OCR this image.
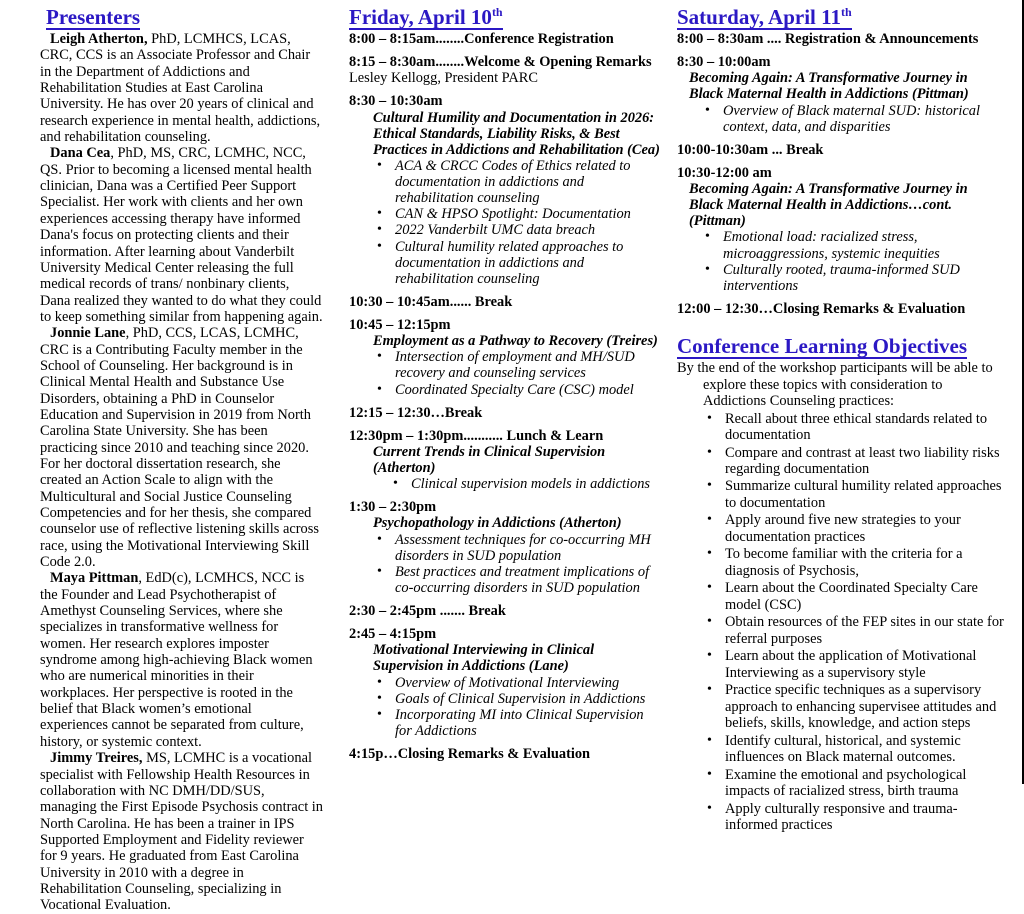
Presenters

Leigh Atherton, PhD, LCMHCS, LCAS, CRC, CCS is an Associate Professor and Chair in the Department of Addictions and Rehabilitation Studies at East Carolina University. He has over 20 years of clinical and research experience in mental health, addictions, and rehabilitation counseling.

Dana Cea, PhD, MS, CRC, LCMHC, NCC, QS. Prior to becoming a licensed mental health clinician, Dana was a Certified Peer Support Specialist. Her work with clients and her own experiences accessing therapy have informed Dana's focus on protecting clients and their information. After learning about Vanderbilt University Medical Center releasing the full medical records of trans/ nonbinary clients, Dana realized they wanted to do what they could to keep something similar from happening again.

Jonnie Lane, PhD, CCS, LCAS, LCMHC, CRC is a Contributing Faculty member in the School of Counseling. Her background is in Clinical Mental Health and Substance Use Disorders, obtaining a PhD in Counselor Education and Supervision in 2019 from North Carolina State University. She has been practicing since 2010 and teaching since 2020. For her doctoral dissertation research, she created an Action Scale to align with the Multicultural and Social Justice Counseling Competencies and for her thesis, she compared counselor use of reflective listening skills across race, using the Motivational Interviewing Skill Code 2.0.

Maya Pittman, EdD(c), LCMHCS, NCC is the Founder and Lead Psychotherapist of Amethyst Counseling Services, where she specializes in transformative wellness for women. Her research explores imposter syndrome among high-achieving Black women who are numerical minorities in their workplaces. Her perspective is rooted in the belief that Black women’s emotional experiences cannot be separated from culture, history, or systemic context.

Jimmy Treires, MS, LCMHC is a vocational specialist with Fellowship Health Resources in collaboration with NC DMH/DD/SUS, managing the First Episode Psychosis contract in North Carolina. He has been a trainer in IPS Supported Employment and Fidelity reviewer for 9 years. He graduated from East Carolina University in 2010 with a degree in Rehabilitation Counseling, specializing in Vocational Evaluation.

Friday, April 10th

8:00 – 8:15am........Conference Registration

8:15 – 8:30am........Welcome & Opening Remarks

Lesley Kellogg, President PARC

8:30 – 10:30am

Cultural Humility and Documentation in 2026: Ethical Standards, Liability Risks, & Best Practices in Addictions and Rehabilitation (Cea)

• ACA & CRCC Codes of Ethics related to documentation in addictions and rehabilitation counseling
• CAN & HPSO Spotlight: Documentation
• 2022 Vanderbilt UMC data breach
• Cultural humility related approaches to documentation in addictions and rehabilitation counseling

10:30 – 10:45am...... Break

10:45 – 12:15pm

Employment as a Pathway to Recovery (Treires)

• Intersection of employment and MH/SUD recovery and counseling services
• Coordinated Specialty Care (CSC) model

12:15 – 12:30…Break

12:30pm – 1:30pm........... Lunch & Learn

Current Trends in Clinical Supervision (Atherton)

• Clinical supervision models in addictions

1:30 – 2:30pm

Psychopathology in Addictions (Atherton)

• Assessment techniques for co-occurring MH disorders in SUD population
• Best practices and treatment implications of co-occurring disorders in SUD population

2:30 – 2:45pm ....... Break

2:45 – 4:15pm

Motivational Interviewing in Clinical Supervision in Addictions (Lane)

• Overview of Motivational Interviewing
• Goals of Clinical Supervision in Addictions
• Incorporating MI into Clinical Supervision for Addictions

4:15p…Closing Remarks & Evaluation

Saturday, April 11th

8:00 – 8:30am .... Registration & Announcements

8:30 – 10:00am

Becoming Again: A Transformative Journey in Black Maternal Health in Addictions (Pittman)

• Overview of Black maternal SUD: historical context, data, and disparities

10:00-10:30am ... Break

10:30-12:00 am

Becoming Again: A Transformative Journey in Black Maternal Health in Addictions…cont. (Pittman)

• Emotional load: racialized stress, microaggressions, systemic inequities
• Culturally rooted, trauma-informed SUD interventions

12:00 – 12:30…Closing Remarks & Evaluation

Conference Learning Objectives

By the end of the workshop participants will be able to explore these topics with consideration to Addictions Counseling practices:

• Recall about three ethical standards related to documentation
• Compare and contrast at least two liability risks regarding documentation
• Summarize cultural humility related approaches to documentation
• Apply around five new strategies to your documentation practices
• To become familiar with the criteria for a diagnosis of Psychosis,
• Learn about the Coordinated Specialty Care model (CSC)
• Obtain resources of the FEP sites in our state for referral purposes
• Learn about the application of Motivational Interviewing as a supervisory style
• Practice specific techniques as a supervisory approach to enhancing supervisee attitudes and beliefs, skills, knowledge, and action steps
• Identify cultural, historical, and systemic influences on Black maternal outcomes.
• Examine the emotional and psychological impacts of racialized stress, birth trauma
• Apply culturally responsive and trauma-informed practices
